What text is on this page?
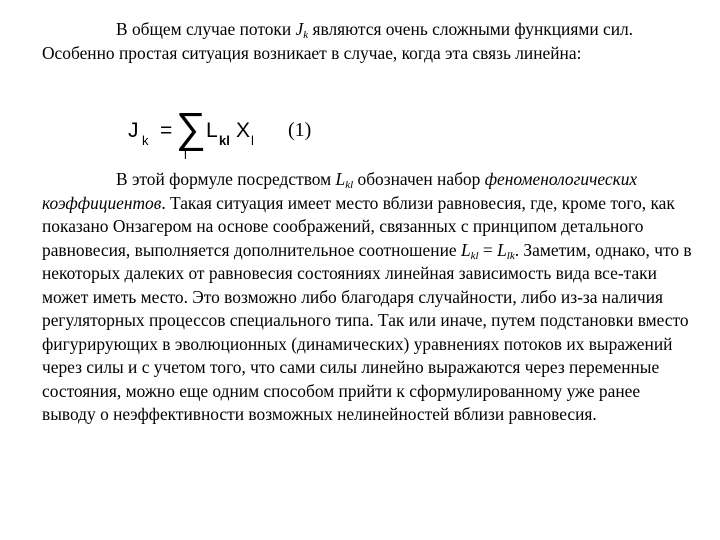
В общем случае потоки $J_k$ являются очень сложными функциями сил. Особенно простая ситуация возникает в случае, когда эта связь линейна:

J k = ∑
l
L kl X l (1)

В этой формуле посредством $L_{kl}$ обозначен набор феноменологических коэффициентов. Такая ситуация имеет место вблизи равновесия, где, кроме того, как показано Онзагером на основе соображений, связанных с принципом детального равновесия, выполняется дополнительное соотношение $L_{kl} = L_{lk}$. Заметим, однако, что в некоторых далеких от равновесия состояниях линейная зависимость вида все-таки может иметь место. Это возможно либо благодаря случайности, либо из-за наличия регуляторных процессов специального типа. Так или иначе, путем подстановки вместо фигурирующих в эволюционных (динамических) уравнениях потоков их выражений через силы и с учетом того, что сами силы линейно выражаются через переменные состояния, можно еще одним способом прийти к сформулированному уже ранее выводу о неэффективности возможных нелинейностей вблизи равновесия.
